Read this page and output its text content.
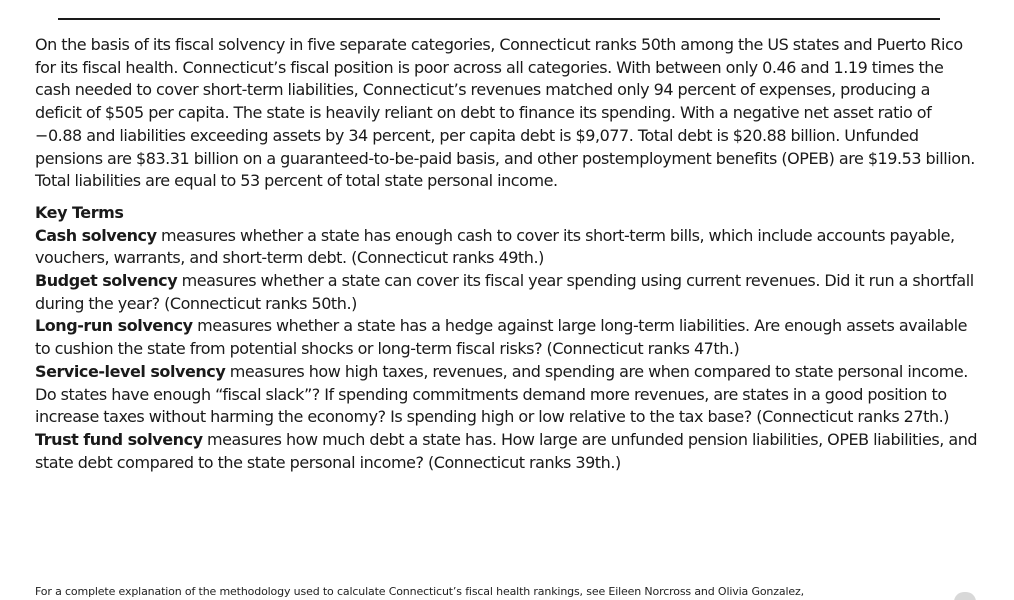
On the basis of its fiscal solvency in five separate categories, Connecticut ranks 50th among the US states and Puerto Rico for its fiscal health. Connecticut’s fiscal position is poor across all categories. With between only 0.46 and 1.19 times the cash needed to cover short-term liabilities, Connecticut’s revenues matched only 94 percent of expenses, producing a deficit of $505 per capita. The state is heavily reliant on debt to finance its spending. With a negative net asset ratio of −0.88 and liabilities exceeding assets by 34 percent, per capita debt is $9,077. Total debt is $20.88 billion. Unfunded pensions are $83.31 billion on a guaranteed-to-be-paid basis, and other postemployment benefits (OPEB) are $19.53 billion. Total liabilities are equal to 53 percent of total state personal income.

Key Terms

Cash solvency measures whether a state has enough cash to cover its short-term bills, which include accounts payable, vouchers, warrants, and short-term debt. (Connecticut ranks 49th.)

Budget solvency measures whether a state can cover its fiscal year spending using current revenues. Did it run a shortfall during the year? (Connecticut ranks 50th.)

Long-run solvency measures whether a state has a hedge against large long-term liabilities. Are enough assets available to cushion the state from potential shocks or long-term fiscal risks? (Connecticut ranks 47th.)

Service-level solvency measures how high taxes, revenues, and spending are when compared to state personal income. Do states have enough “fiscal slack”? If spending commitments demand more revenues, are states in a good position to increase taxes without harming the economy? Is spending high or low relative to the tax base? (Connecticut ranks 27th.)

Trust fund solvency measures how much debt a state has. How large are unfunded pension liabilities, OPEB liabilities, and state debt compared to the state personal income? (Connecticut ranks 39th.)

For a complete explanation of the methodology used to calculate Connecticut’s fiscal health rankings, see Eileen Norcross and Olivia Gonzalez,
